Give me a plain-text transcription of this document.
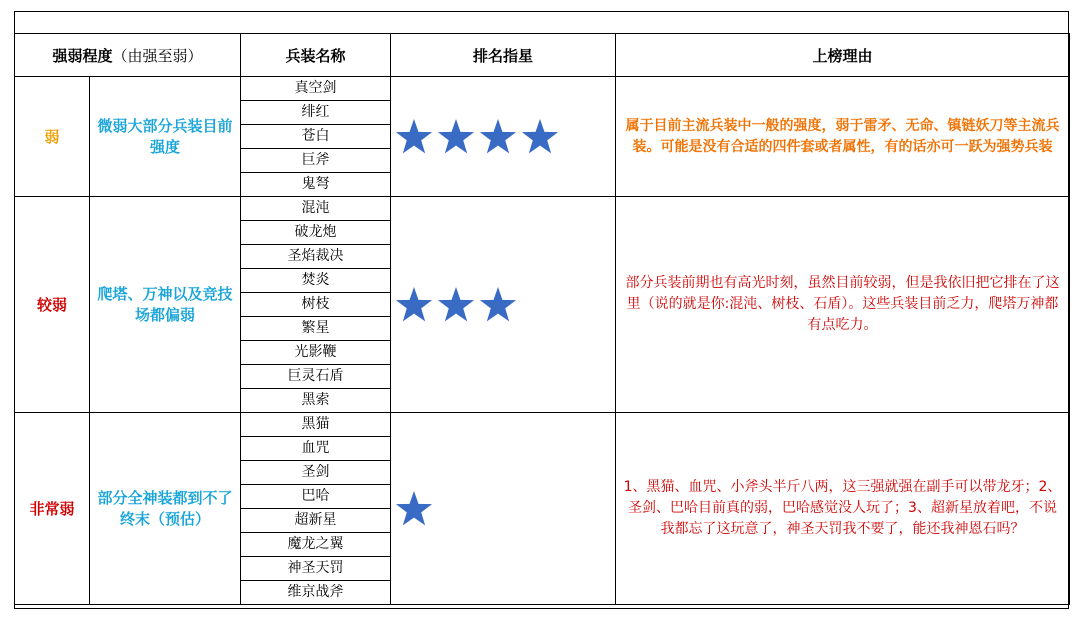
强弱程度（由强至弱）		兵装名称	排名指星	上榜理由
弱	微弱大部分兵装目前强度	真空剑		属于目前主流兵装中一般的强度，弱于雷矛、无命、镇链妖刀等主流兵装。可能是没有合适的四件套或者属性，有的话亦可一跃为强势兵装
		绯红		
		苍白		
		巨斧		
		鬼弩		
较弱	爬塔、万神以及竞技场都偏弱	混沌		部分兵装前期也有高光时刻，虽然目前较弱，但是我依旧把它排在了这里（说的就是你:混沌、树枝、石盾）。这些兵装目前乏力，爬塔万神都有点吃力。
		破龙炮		
		圣焰裁决		
		焚炎		
		树枝		
		繁星		
		光影鞭		
		巨灵石盾		
		黑索		
非常弱	部分全神装都到不了终末（预估）	黑猫		1、黑猫、血咒、小斧头半斤八两，这三强就强在副手可以带龙牙；2、圣剑、巴哈目前真的弱，巴哈感觉没人玩了；3、超新星放着吧，不说我都忘了这玩意了，神圣天罚我不要了，能还我神恩石吗？
		血咒		
		圣剑		
		巴哈		
		超新星		
		魔龙之翼		
		神圣天罚		
		维京战斧		
